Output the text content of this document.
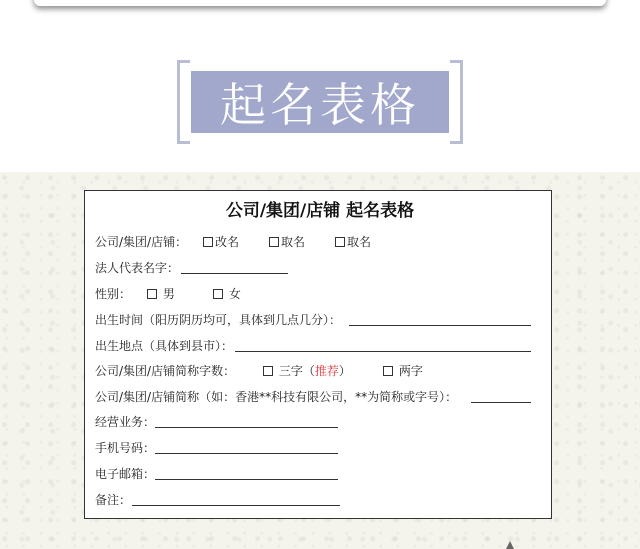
起名表格
公司/集团/店铺 起名表格
公司/集团/店铺：	改名	取名	取名
法人代表名字：
性别：	男	女
出生时间（阳历阴历均可，具体到几点几分）：
出生地点（具体到县市）：
公司/集团/店铺简称字数：	三字（推荐）	两字
公司/集团/店铺简称（如：香港**科技有限公司，**为简称或字号）：
经营业务：
手机号码：
电子邮箱：
备注：
